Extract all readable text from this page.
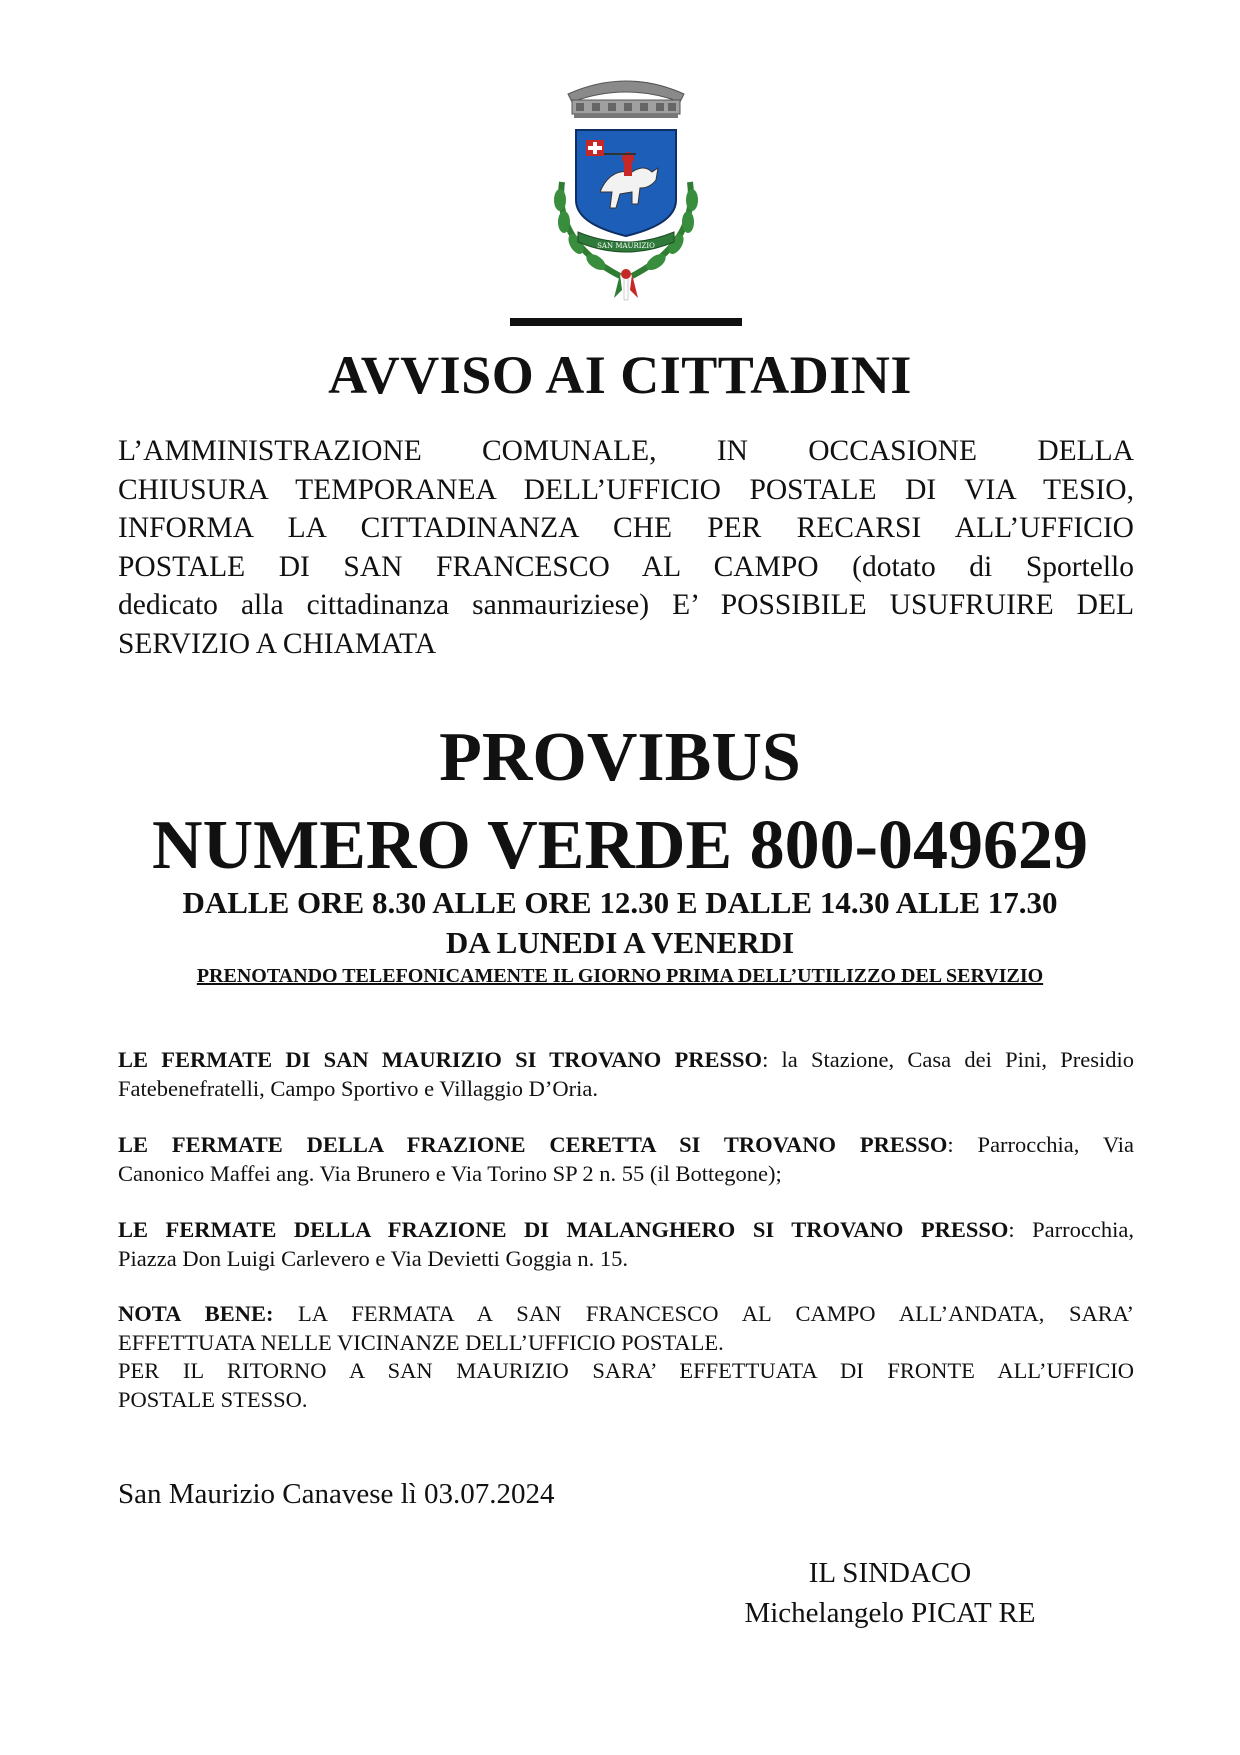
SAN MAURIZIO
AVVISO AI CITTADINI
L’AMMINISTRAZIONE COMUNALE, IN OCCASIONE DELLA
CHIUSURA TEMPORANEA DELL’UFFICIO POSTALE DI VIA TESIO,
INFORMA LA CITTADINANZA CHE PER RECARSI ALL’UFFICIO
POSTALE DI SAN FRANCESCO AL CAMPO (dotato di Sportello
dedicato alla cittadinanza sanmauriziese) E’ POSSIBILE USUFRUIRE DEL
SERVIZIO A CHIAMATA
PROVIBUS
NUMERO VERDE 800-049629
DALLE ORE 8.30 ALLE ORE 12.30 E DALLE 14.30 ALLE 17.30
DA LUNEDI A VENERDI
PRENOTANDO TELEFONICAMENTE IL GIORNO PRIMA DELL’UTILIZZO DEL SERVIZIO
LE FERMATE DI SAN MAURIZIO SI TROVANO PRESSO: la Stazione, Casa dei Pini, Presidio
Fatebenefratelli, Campo Sportivo e Villaggio D’Oria.
LE FERMATE DELLA FRAZIONE CERETTA SI TROVANO PRESSO: Parrocchia, Via
Canonico Maffei ang. Via Brunero e Via Torino SP 2 n. 55 (il Bottegone);
LE FERMATE DELLA FRAZIONE DI MALANGHERO SI TROVANO PRESSO: Parrocchia,
Piazza Don Luigi Carlevero e Via Devietti Goggia n. 15.
NOTA BENE: LA FERMATA A SAN FRANCESCO AL CAMPO ALL’ANDATA, SARA’
EFFETTUATA NELLE VICINANZE DELL’UFFICIO POSTALE.
PER IL RITORNO A SAN MAURIZIO SARA’ EFFETTUATA DI FRONTE ALL’UFFICIO
POSTALE STESSO.
San Maurizio Canavese lì 03.07.2024
IL SINDACO
Michelangelo PICAT RE
